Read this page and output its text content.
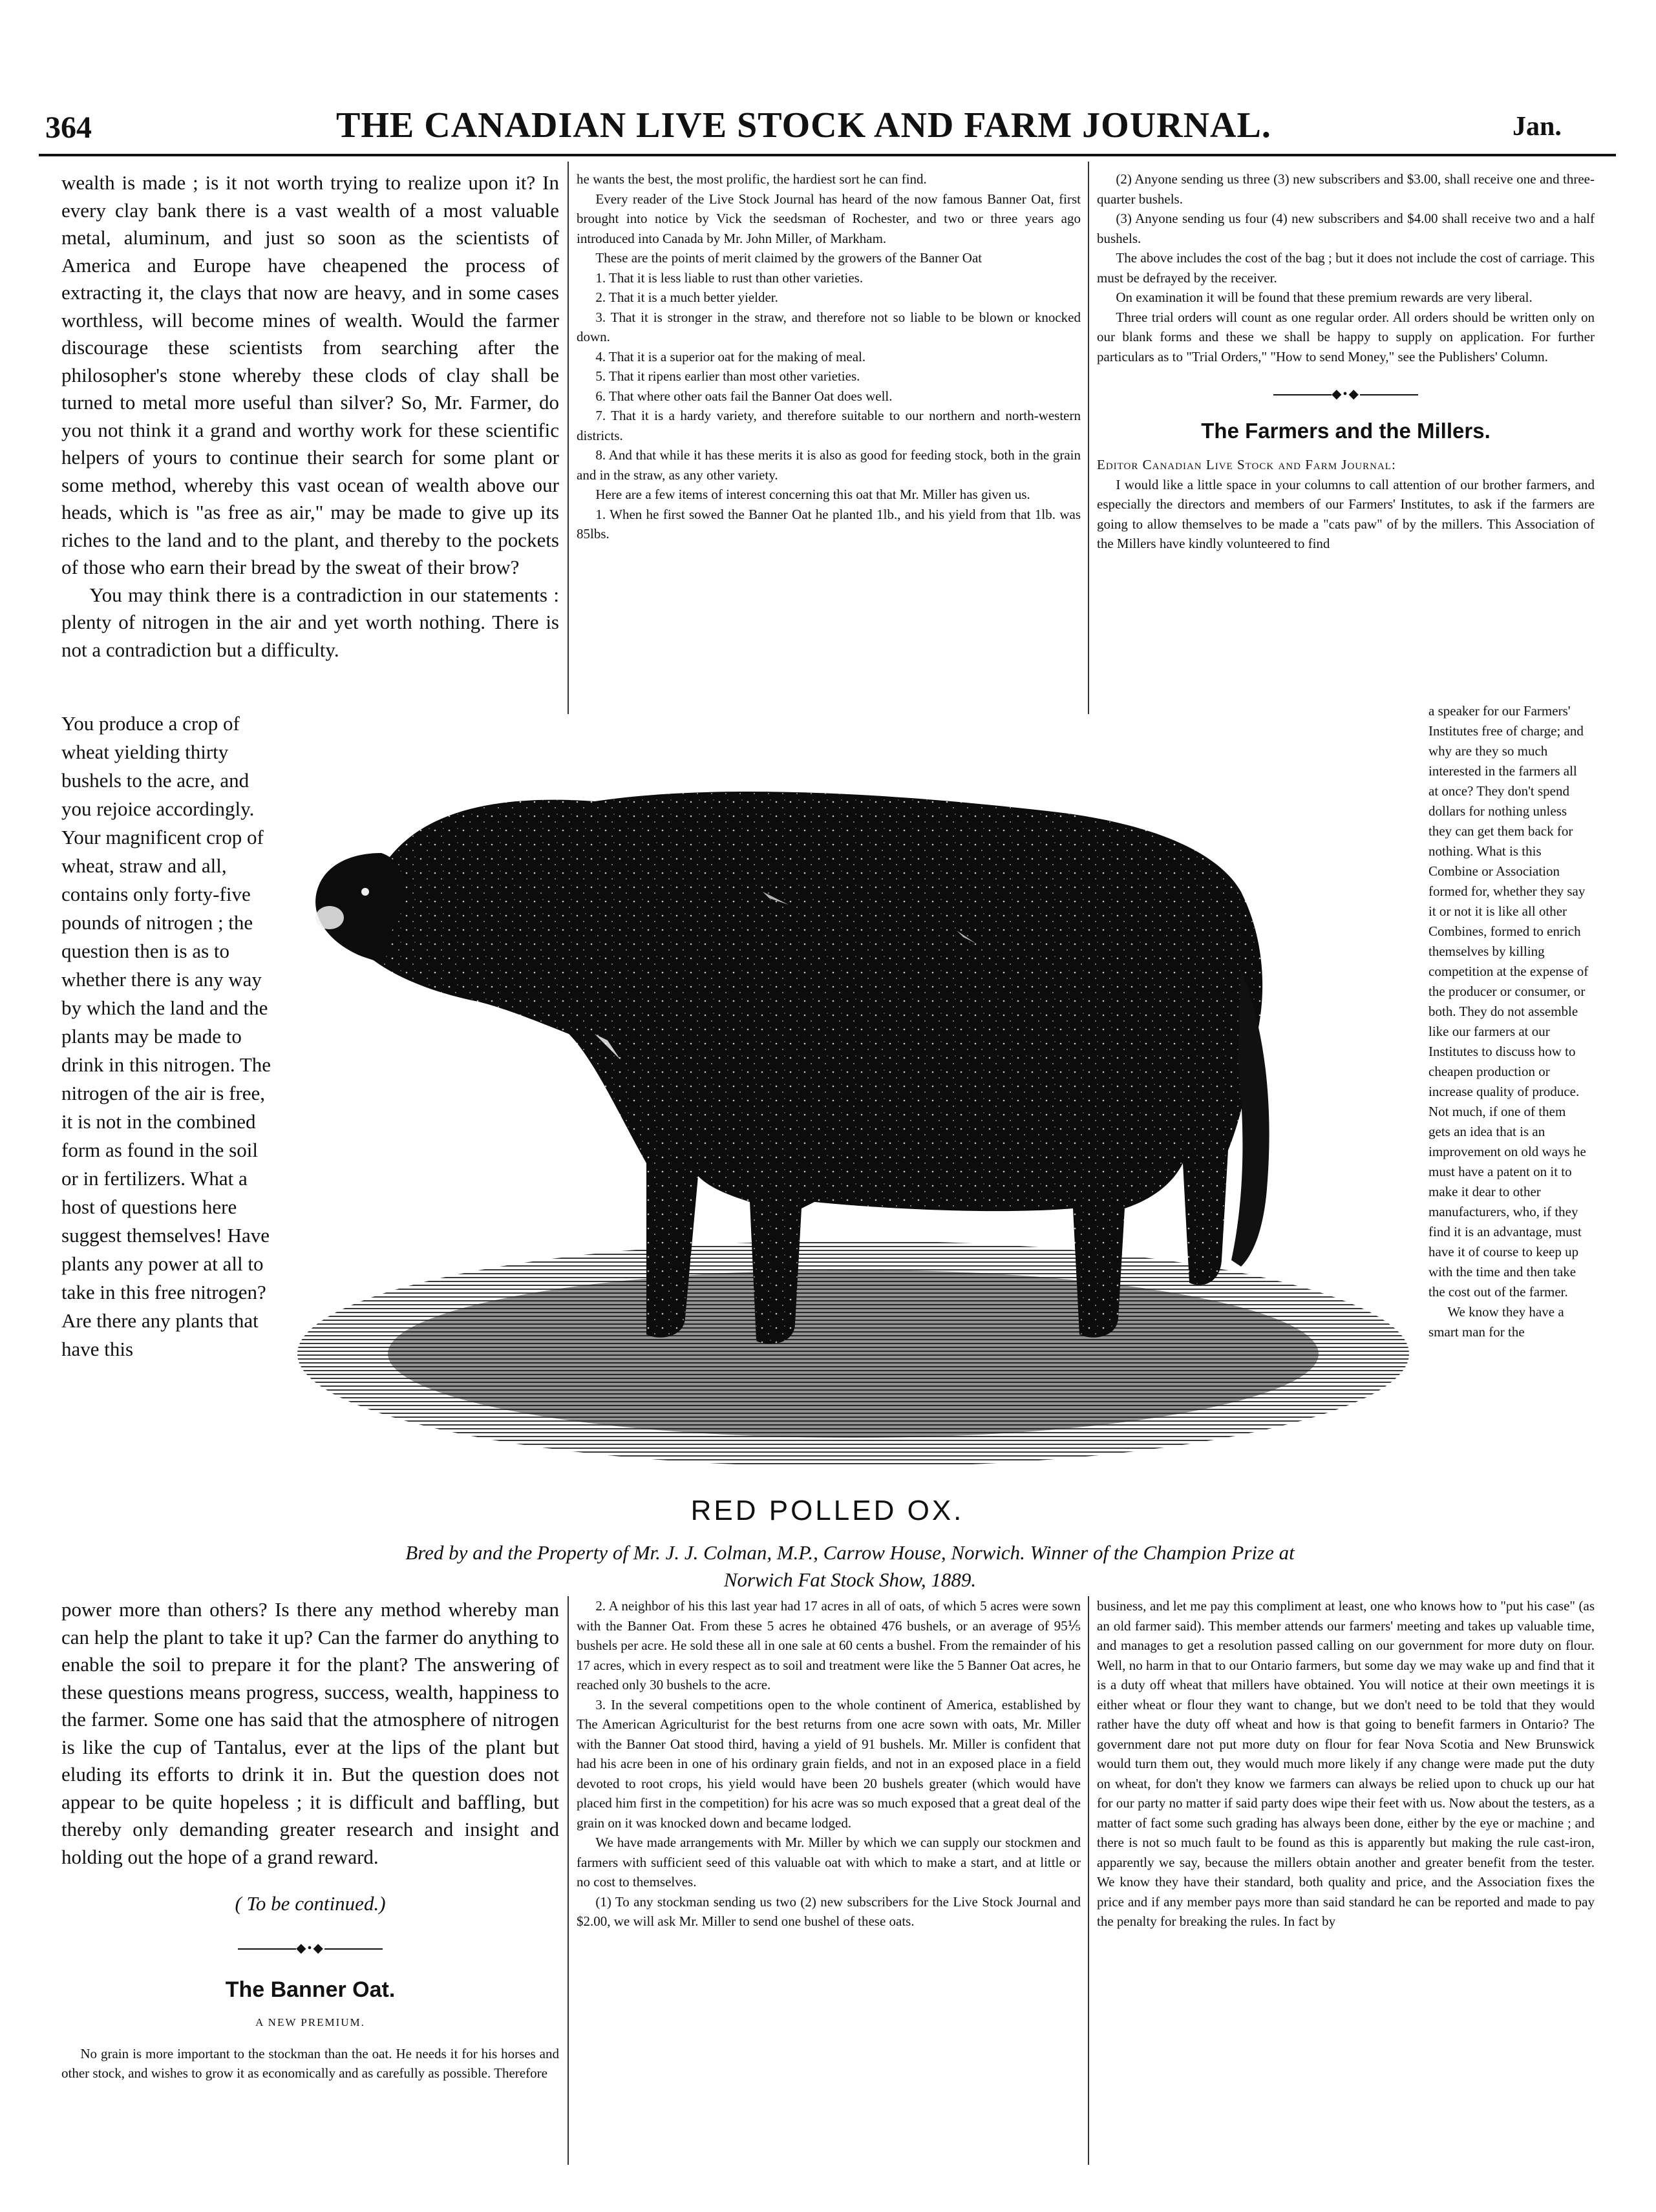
364	THE CANADIAN LIVE STOCK AND FARM JOURNAL.	Jan.

wealth is made ; is it not worth trying to realize upon it? In every clay bank there is a vast wealth of a most valuable metal, aluminum, and just so soon as the scientists of America and Europe have cheapened the process of extracting it, the clays that now are heavy, and in some cases worthless, will become mines of wealth. Would the farmer discourage these scientists from searching after the philosopher's stone whereby these clods of clay shall be turned to metal more useful than silver? So, Mr. Farmer, do you not think it a grand and worthy work for these scientific helpers of yours to continue their search for some plant or some method, whereby this vast ocean of wealth above our heads, which is "as free as air," may be made to give up its riches to the land and to the plant, and thereby to the pockets of those who earn their bread by the sweat of their brow?

You may think there is a contradiction in our statements : plenty of nitrogen in the air and yet worth nothing. There is not a contradiction but a difficulty.

You produce a crop of wheat yielding thirty bushels to the acre, and you rejoice accordingly. Your magnificent crop of wheat, straw and all, contains only forty-five pounds of nitrogen ; the question then is as to whether there is any way by which the land and the plants may be made to drink in this nitrogen. The nitrogen of the air is free, it is not in the combined form as found in the soil or in fertilizers. What a host of questions here suggest themselves! Have plants any power at all to take in this free nitrogen? Are there any plants that have this

power more than others? Is there any method whereby man can help the plant to take it up? Can the farmer do anything to enable the soil to prepare it for the plant? The answering of these questions means progress, success, wealth, happiness to the farmer. Some one has said that the atmosphere of nitrogen is like the cup of Tantalus, ever at the lips of the plant but eluding its efforts to drink it in. But the question does not appear to be quite hopeless ; it is difficult and baffling, but thereby only demanding greater research and insight and holding out the hope of a grand reward.

( To be continued.)

◆•◆
The Banner Oat.
A NEW PREMIUM.

No grain is more important to the stockman than the oat. He needs it for his horses and other stock, and wishes to grow it as economically and as carefully as possible. Therefore

he wants the best, the most prolific, the hardiest sort he can find.

Every reader of the Live Stock Journal has heard of the now famous Banner Oat, first brought into notice by Vick the seedsman of Rochester, and two or three years ago introduced into Canada by Mr. John Miller, of Markham.

These are the points of merit claimed by the growers of the Banner Oat

1. That it is less liable to rust than other varieties.

2. That it is a much better yielder.

3. That it is stronger in the straw, and therefore not so liable to be blown or knocked down.

4. That it is a superior oat for the making of meal.

5. That it ripens earlier than most other varieties.

6. That where other oats fail the Banner Oat does well.

7. That it is a hardy variety, and therefore suitable to our northern and north-western districts.

8. And that while it has these merits it is also as good for feeding stock, both in the grain and in the straw, as any other variety.

Here are a few items of interest concerning this oat that Mr. Miller has given us.

1. When he first sowed the Banner Oat he planted 1lb., and his yield from that 1lb. was 85lbs.

2. A neighbor of his this last year had 17 acres in all of oats, of which 5 acres were sown with the Banner Oat. From these 5 acres he obtained 476 bushels, or an average of 95⅕ bushels per acre. He sold these all in one sale at 60 cents a bushel. From the remainder of his 17 acres, which in every respect as to soil and treatment were like the 5 Banner Oat acres, he reached only 30 bushels to the acre.

3. In the several competitions open to the whole continent of America, established by The American Agriculturist for the best returns from one acre sown with oats, Mr. Miller with the Banner Oat stood third, having a yield of 91 bushels. Mr. Miller is confident that had his acre been in one of his ordinary grain fields, and not in an exposed place in a field devoted to root crops, his yield would have been 20 bushels greater (which would have placed him first in the competition) for his acre was so much exposed that a great deal of the grain on it was knocked down and became lodged.

We have made arrangements with Mr. Miller by which we can supply our stockmen and farmers with sufficient seed of this valuable oat with which to make a start, and at little or no cost to themselves.

(1) To any stockman sending us two (2) new subscribers for the Live Stock Journal and $2.00, we will ask Mr. Miller to send one bushel of these oats.

(2) Anyone sending us three (3) new subscribers and $3.00, shall receive one and three-quarter bushels.

(3) Anyone sending us four (4) new subscribers and $4.00 shall receive two and a half bushels.

The above includes the cost of the bag ; but it does not include the cost of carriage. This must be defrayed by the receiver.

On examination it will be found that these premium rewards are very liberal.

Three trial orders will count as one regular order. All orders should be written only on our blank forms and these we shall be happy to supply on application. For further particulars as to "Trial Orders," "How to send Money," see the Publishers' Column.

◆•◆
The Farmers and the Millers.

Editor Canadian Live Stock and Farm Journal:

I would like a little space in your columns to call attention of our brother farmers, and especially the directors and members of our Farmers' Institutes, to ask if the farmers are going to allow themselves to be made a "cats paw" of by the millers. This Association of the Millers have kindly volunteered to find

a speaker for our Farmers' Institutes free of charge; and why are they so much interested in the farmers all at once? They don't spend dollars for nothing unless they can get them back for nothing. What is this Combine or Association formed for, whether they say it or not it is like all other Combines, formed to enrich themselves by killing competition at the expense of the producer or consumer, or both. They do not assemble like our farmers at our Institutes to discuss how to cheapen production or increase quality of produce. Not much, if one of them gets an idea that is an improvement on old ways he must have a patent on it to make it dear to other manufacturers, who, if they find it is an advantage, must have it of course to keep up with the time and then take the cost out of the farmer.
We know they have a smart man for the

business, and let me pay this compliment at least, one who knows how to "put his case" (as an old farmer said). This member attends our farmers' meeting and takes up valuable time, and manages to get a resolution passed calling on our government for more duty on flour. Well, no harm in that to our Ontario farmers, but some day we may wake up and find that it is a duty off wheat that millers have obtained. You will notice at their own meetings it is either wheat or flour they want to change, but we don't need to be told that they would rather have the duty off wheat and how is that going to benefit farmers in Ontario? The government dare not put more duty on flour for fear Nova Scotia and New Brunswick would turn them out, they would much more likely if any change were made put the duty on wheat, for don't they know we farmers can always be relied upon to chuck up our hat for our party no matter if said party does wipe their feet with us. Now about the testers, as a matter of fact some such grading has always been done, either by the eye or machine ; and there is not so much fault to be found as this is apparently but making the rule cast-iron, apparently we say, because the millers obtain another and greater benefit from the tester. We know they have their standard, both quality and price, and the Association fixes the price and if any member pays more than said standard he can be reported and made to pay the penalty for breaking the rules. In fact by

RED POLLED OX.
Bred by and the Property of Mr. J. J. Colman, M.P., Carrow House, Norwich. Winner of the Champion Prize at
Norwich Fat Stock Show, 1889.
